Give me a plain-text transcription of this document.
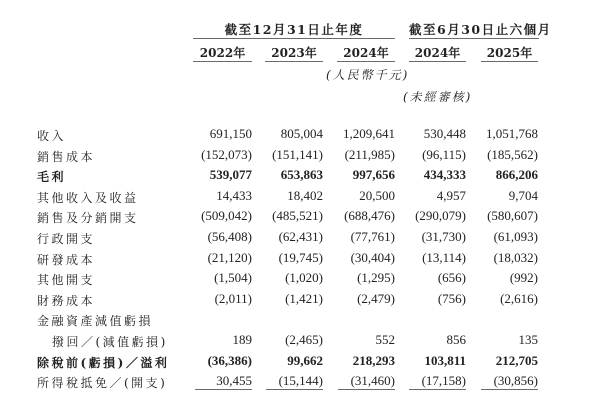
截至12月31日止年度	截至6月30日止六個月
2022年	2023年	2024年	2024年	2025年
(人民幣千元)
(未經審核)
收入	691,150	805,004	1,209,641	530,448	1,051,768
銷售成本	(152,073)	(151,141)	(211,985)	(96,115)	(185,562)
毛利	539,077	653,863	997,656	434,333	866,206
其他收入及收益	14,433	18,402	20,500	4,957	9,704
銷售及分銷開支	(509,042)	(485,521)	(688,476)	(290,079)	(580,607)
行政開支	(56,408)	(62,431)	(77,761)	(31,730)	(61,093)
研發成本	(21,120)	(19,745)	(30,404)	(13,114)	(18,032)
其他開支	(1,504)	(1,020)	(1,295)	(656)	(992)
財務成本	(2,011)	(1,421)	(2,479)	(756)	(2,616)
金融資產減值虧損
撥回／(減值虧損)	189	(2,465)	552	856	135
除稅前(虧損)／溢利	(36,386)	99,662	218,293	103,811	212,705
所得稅抵免／(開支)	30,455	(15,144)	(31,460)	(17,158)	(30,856)
